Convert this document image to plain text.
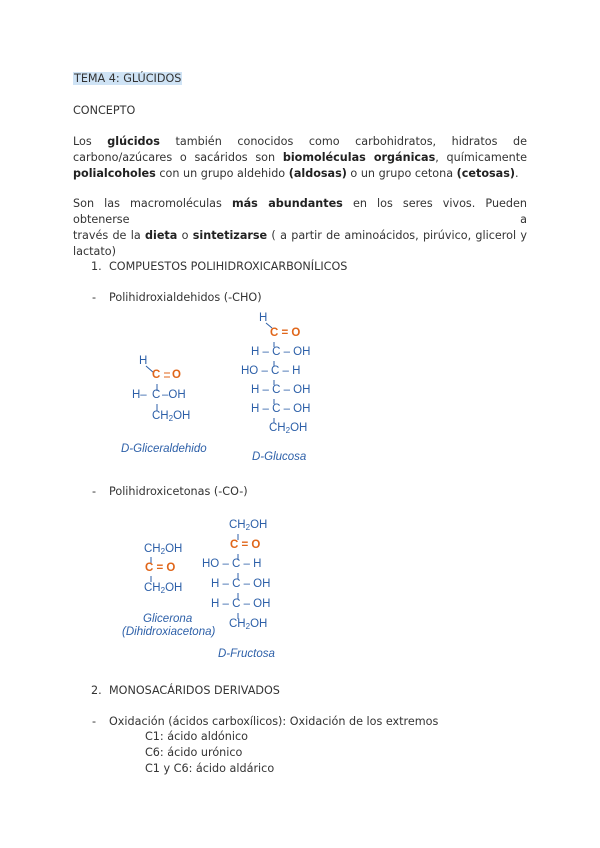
TEMA 4: GLÚCIDOS
CONCEPTO
Los glúcidos también conocidos como carbohidratos, hidratos de
carbono/azúcares o sacáridos son biomoléculas orgánicas, químicamente
polialcoholes con un grupo aldehido (aldosas) o un grupo cetona (cetosas).
Son las macromoléculas más abundantes en los seres vivos. Pueden obtenerse a
través de la dieta o sintetizarse ( a partir de aminoácidos, pirúvico, glicerol y
lactato)
1. COMPUESTOS POLIHIDROXICARBONÍLICOS
- Polihidroxialdehidos (-CHO)
H
C O
H– C –OH
$CH_2OH$
D-Gliceraldehido
H
C = O
H – C – OH
HO – C – H
H – C – OH
H – C – OH
$CH_2OH$
D-Glucosa
- Polihidroxicetonas (-CO-)
$CH_2OH$
C = O
$CH_2OH$
Glicerona
(Dihidroxiacetona)
$CH_2OH$
C = O
HO – C – H
H – C – OH
H – C – OH
$CH_2OH$
D-Fructosa
2. MONOSACÁRIDOS DERIVADOS
- Oxidación (ácidos carboxílicos): Oxidación de los extremos
C1: ácido aldónico
C6: ácido urónico
C1 y C6: ácido aldárico
